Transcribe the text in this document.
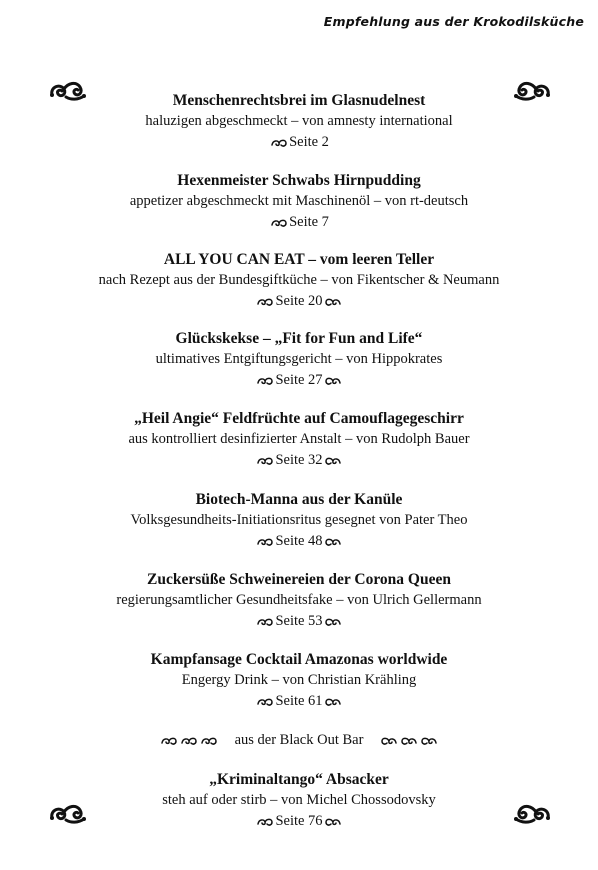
Empfehlung aus der Krokodilsküche
Menschenrechtsbrei im Glasnudelnest
haluzigen abgeschmeckt – von amnesty international
Seite 2
Hexenmeister Schwabs Hirnpudding
appetizer abgeschmeckt mit Maschinenöl – von rt-deutsch
Seite 7
ALL YOU CAN EAT – vom leeren Teller
nach Rezept aus der Bundesgiftküche – von Fikentscher & Neumann
Seite 20
Glückskekse – „Fit for Fun and Life“
ultimatives Entgiftungsgericht – von Hippokrates
Seite 27
„Heil Angie“ Feldfrüchte auf Camouflagegeschirr
aus kontrolliert desinfizierter Anstalt – von Rudolph Bauer
Seite 32
Biotech-Manna aus der Kanüle
Volksgesundheits-Initiationsritus gesegnet von Pater Theo
Seite 48
Zuckersüße Schweinereien der Corona Queen
regierungsamtlicher Gesundheitsfake – von Ulrich Gellermann
Seite 53
Kampfansage Cocktail Amazonas worldwide
Engergy Drink – von Christian Krähling
Seite 61
aus der Black Out Bar
„Kriminaltango“ Absacker
steh auf oder stirb – von Michel Chossodovsky
Seite 76
